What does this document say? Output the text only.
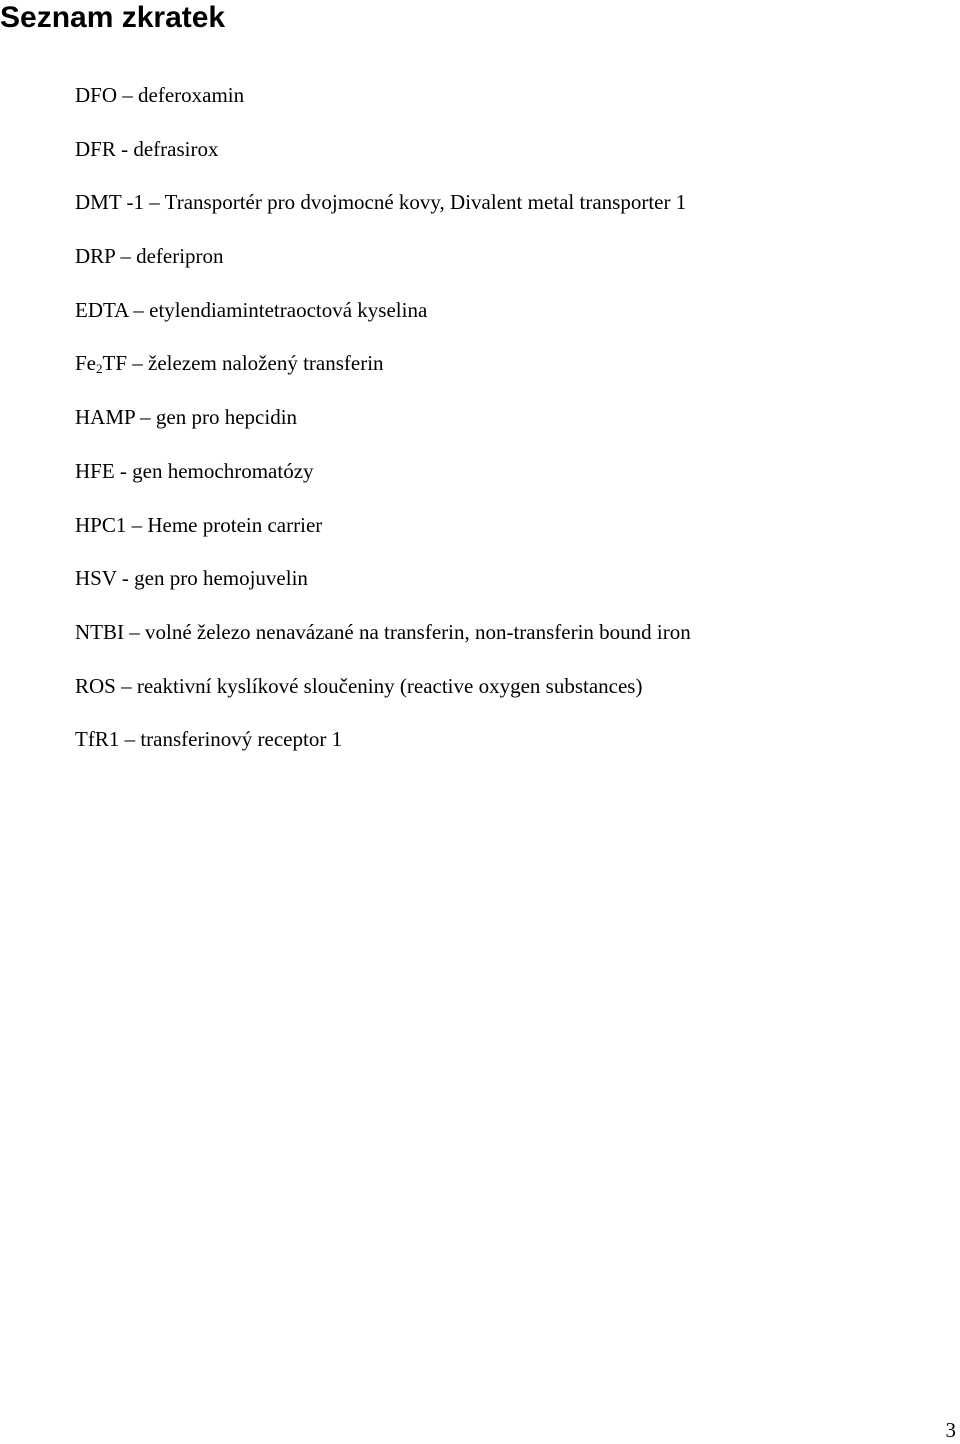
Seznam zkratek
DFO – deferoxamin
DFR - defrasirox
DMT -1 – Transportér pro dvojmocné kovy, Divalent metal transporter 1
DRP – deferipron
EDTA – etylendiamintetraoctová kyselina
$Fe_2TF$ – železem naložený transferin
HAMP – gen pro hepcidin
HFE - gen hemochromatózy
HPC1 – Heme protein carrier
HSV - gen pro hemojuvelin
NTBI – volné železo nenavázané na transferin, non-transferin bound iron
ROS – reaktivní kyslíkové sloučeniny (reactive oxygen substances)
TfR1 – transferinový receptor 1
3
